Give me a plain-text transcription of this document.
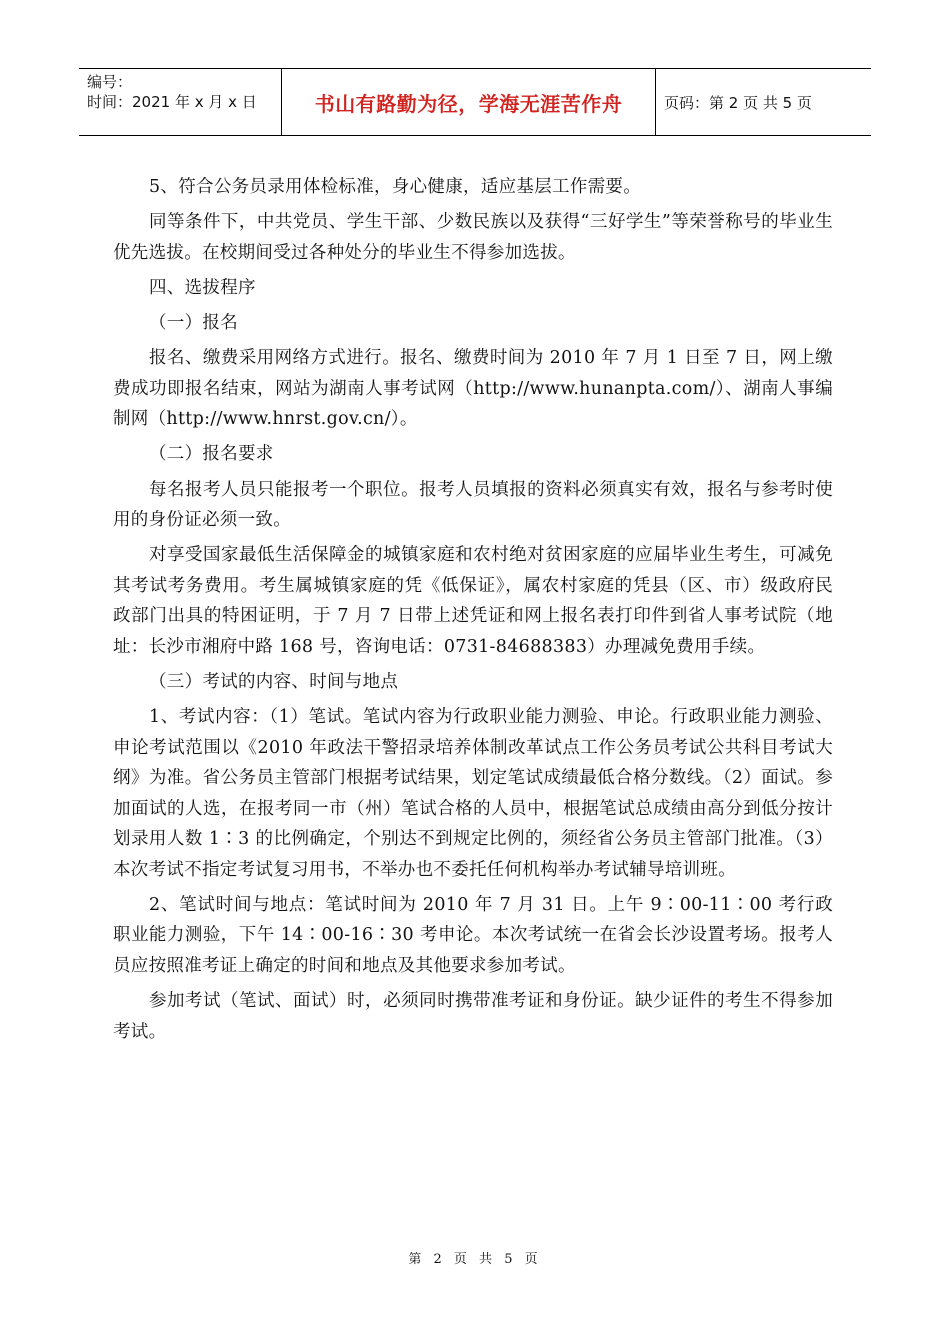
编号：
时间：2021 年 x 月 x 日	书山有路勤为径，学海无涯苦作舟	页码：第 2 页 共 5 页

5、符合公务员录用体检标准，身心健康，适应基层工作需要。

同等条件下，中共党员、学生干部、少数民族以及获得“三好学生”等荣誉称号的毕业生优先选拔。在校期间受过各种处分的毕业生不得参加选拔。

四、选拔程序

（一）报名

报名、缴费采用网络方式进行。报名、缴费时间为 2010 年 7 月 1 日至 7 日，网上缴费成功即报名结束，网站为湖南人事考试网（http://www.hunanpta.com/）、湖南人事编制网（http://www.hnrst.gov.cn/）。

（二）报名要求

每名报考人员只能报考一个职位。报考人员填报的资料必须真实有效，报名与参考时使用的身份证必须一致。

对享受国家最低生活保障金的城镇家庭和农村绝对贫困家庭的应届毕业生考生，可减免其考试考务费用。考生属城镇家庭的凭《低保证》，属农村家庭的凭县（区、市）级政府民政部门出具的特困证明，于 7 月 7 日带上述凭证和网上报名表打印件到省人事考试院（地址：长沙市湘府中路 168 号，咨询电话：0731-84688383）办理减免费用手续。

（三）考试的内容、时间与地点

1、考试内容：（1）笔试。笔试内容为行政职业能力测验、申论。行政职业能力测验、申论考试范围以《2010 年政法干警招录培养体制改革试点工作公务员考试公共科目考试大纲》为准。省公务员主管部门根据考试结果，划定笔试成绩最低合格分数线。（2）面试。参加面试的人选，在报考同一市（州）笔试合格的人员中，根据笔试总成绩由高分到低分按计划录用人数 1∶3 的比例确定，个别达不到规定比例的，须经省公务员主管部门批准。（3）本次考试不指定考试复习用书，不举办也不委托任何机构举办考试辅导培训班。

2、笔试时间与地点：笔试时间为 2010 年 7 月 31 日。上午 9∶00-11∶00 考行政职业能力测验，下午 14∶00-16∶30 考申论。本次考试统一在省会长沙设置考场。报考人员应按照准考证上确定的时间和地点及其他要求参加考试。

参加考试（笔试、面试）时，必须同时携带准考证和身份证。缺少证件的考生不得参加考试。

第 2 页 共 5 页
